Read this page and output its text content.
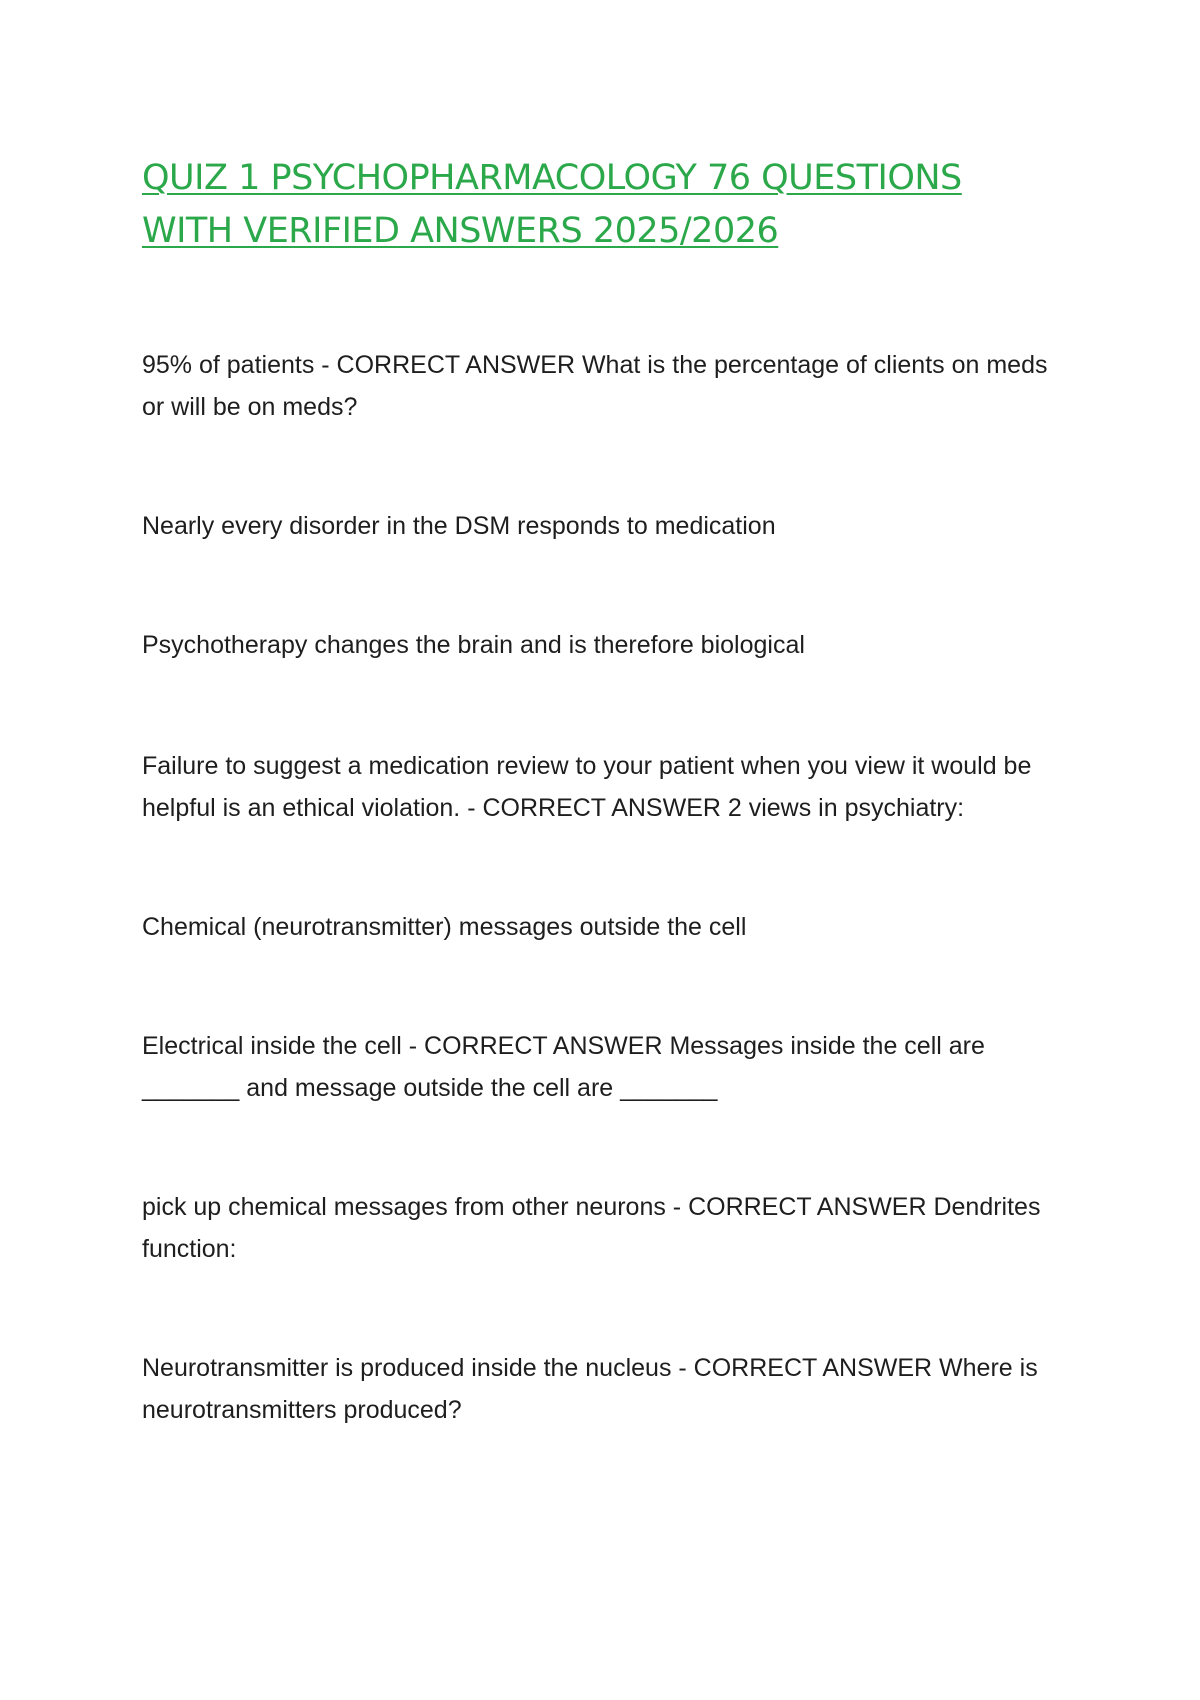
QUIZ 1 PSYCHOPHARMACOLOGY 76 QUESTIONS WITH VERIFIED ANSWERS 2025/2026

95% of patients - CORRECT ANSWER What is the percentage of clients on meds or will be on meds?

Nearly every disorder in the DSM responds to medication

Psychotherapy changes the brain and is therefore biological

Failure to suggest a medication review to your patient when you view it would be helpful is an ethical violation. - CORRECT ANSWER 2 views in psychiatry:

Chemical (neurotransmitter) messages outside the cell

Electrical inside the cell - CORRECT ANSWER Messages inside the cell are _______ and message outside the cell are _______

pick up chemical messages from other neurons - CORRECT ANSWER Dendrites function:

Neurotransmitter is produced inside the nucleus - CORRECT ANSWER Where is neurotransmitters produced?
